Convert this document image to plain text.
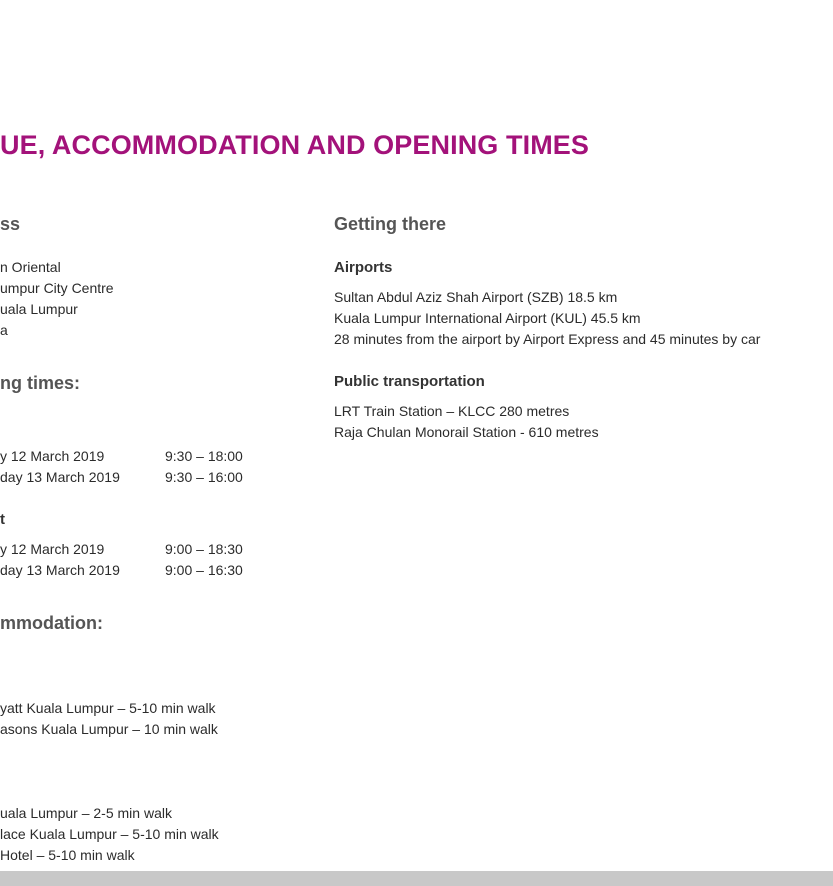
UE, ACCOMMODATION AND OPENING TIMES
ss
n Oriental
umpur City Centre
uala Lumpur
a
ng times:
y 12 March 2019	9:30 – 18:00
day 13 March 2019	9:30 – 16:00
t
y 12 March 2019	9:00 – 18:30
day 13 March 2019	9:00 – 16:30
mmodation:
yatt Kuala Lumpur – 5-10 min walk
asons Kuala Lumpur – 10 min walk
uala Lumpur – 2-5 min walk
lace Kuala Lumpur – 5-10 min walk
Hotel – 5-10 min walk
Getting there
Airports
Sultan Abdul Aziz Shah Airport (SZB) 18.5 km
Kuala Lumpur International Airport (KUL) 45.5 km
28 minutes from the airport by Airport Express and 45 minutes by car
Public transportation
LRT Train Station – KLCC 280 metres
Raja Chulan Monorail Station - 610 metres
